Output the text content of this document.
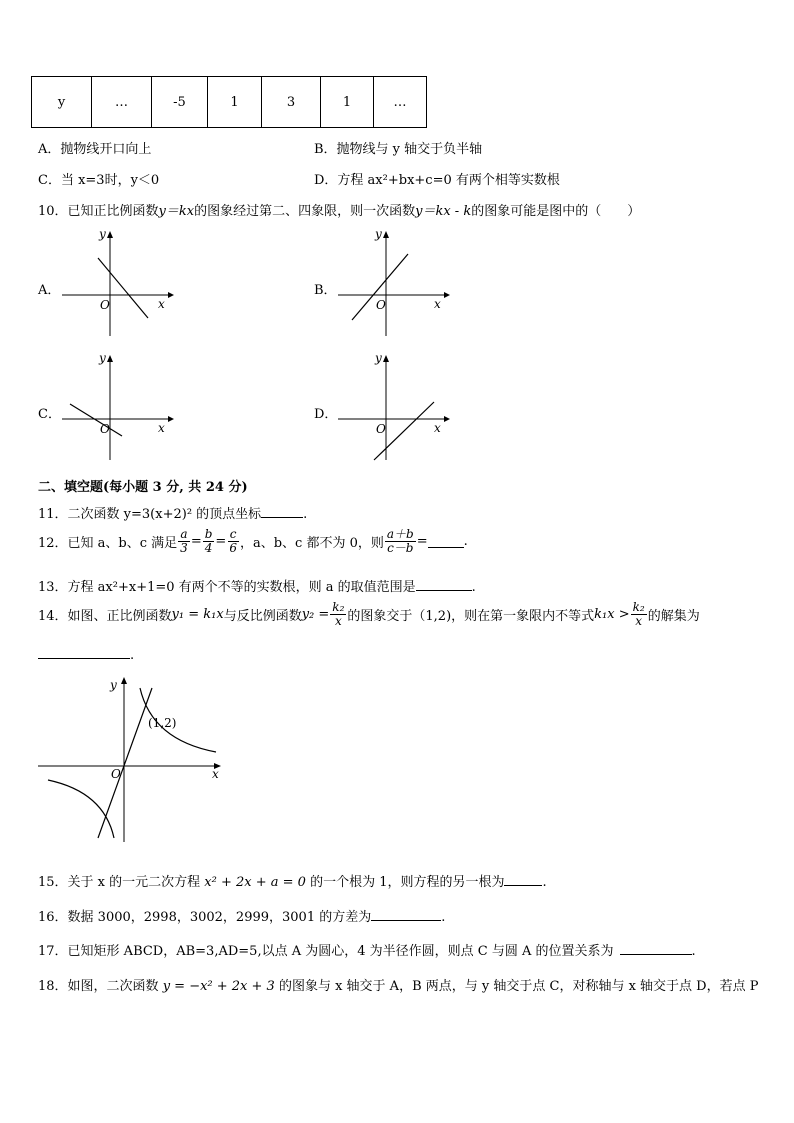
y	…	-5	1	3	1	…
A．抛物线开口向上	B．抛物线与 y 轴交于负半轴
C．当 x=3时，y＜0	D．方程 ax²+bx+c=0 有两个相等实数根
10．已知正比例函数y＝kx的图象经过第二、四象限，则一次函数y＝kx - k的图象可能是图中的（　　）
A．
y
x
O
B．
y
x
O
C．
y
x
O
D．
y
x
O
二、填空题(每小题 3 分, 共 24 分)
11．二次函数 y=3(x+2)² 的顶点坐标	.
12．已知 a、b、c 满足 $\frac{a}{3} = \frac{b}{4} = \frac{c}{6}$ ，a、b、c 都不为 0，则 $\frac{a+b}{c-b}$ =	.
13．方程 ax²+x+1=0 有两个不等的实数根，则 a 的取值范围是	.
14．如图、正比例函数 y₁ = k₁x 与反比例函数 $y_2 = \frac{\text{k₂}}{x}$ 的图象交于（1,2)，则在第一象限内不等式 $k_1x > \frac{\text{k₂}}{x}$ 的解集为
.
y
x
O
(1,2)
15．关于 x 的一元二次方程 x² + 2x + a = 0 的一个根为 1，则方程的另一根为	.
16．数据 3000，2998，3002，2999，3001 的方差为	.
17．已知矩形 ABCD，AB=3,AD=5,以点 A 为圆心，4 为半径作圆，则点 C 与圆 A 的位置关系为	.
18．如图，二次函数 y = −x² + 2x + 3 的图象与 x 轴交于 A，B 两点，与 y 轴交于点 C，对称轴与 x 轴交于点 D，若点 P
